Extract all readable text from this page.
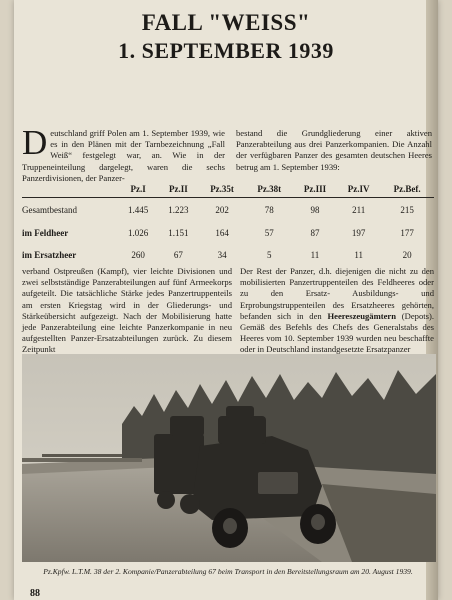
FALL "WEISS"
1. SEPTEMBER 1939
Deutschland griff Polen am 1. September 1939, wie es in den Plänen mit der Tarnbezeichnung „Fall Weiß“ festgelegt war, an. Wie in der Truppeneinteilung dargelegt, waren die sechs Panzerdivisionen, der Panzer-
bestand die Grundgliederung einer aktiven Panzerabteilung aus drei Panzerkompanien. Die Anzahl der verfügbaren Panzer des gesamten deutschen Heeres betrug am 1. September 1939:
	Pz.I	Pz.II	Pz.35t	Pz.38t	Pz.III	Pz.IV	Pz.Bef.
Gesamtbestand	1.445	1.223	202	78	98	211	215
im Feldheer	1.026	1.151	164	57	87	197	177
im Ersatzheer	260	67	34	5	11	11	20
verband Ostpreußen (Kampf), vier leichte Divisionen und zwei selbstständige Panzerabteilungen auf fünf Armeekorps aufgeteilt. Die tatsächliche Stärke jedes Panzertruppenteils am ersten Kriegstag wird in der Gliederungs- und Stärkeübersicht aufgezeigt. Nach der Mobilisierung hatte jede Panzerabteilung eine leichte Panzerkompanie in neu aufgestellten Panzer-Ersatzabteilungen zurück. Zu diesem Zeitpunkt
Der Rest der Panzer, d.h. diejenigen die nicht zu den mobilisierten Panzertruppenteilen des Feldheeres oder zu den Ersatz- Ausbildungs- und Erprobungstruppenteilen des Ersatzheeres gehörten, befanden sich in den Heereszeugämtern (Depots). Gemäß des Befehls des Chefs des Generalstabs des Heeres vom 10. September 1939 wurden neu beschaffte oder in Deutschland instandgesetzte Ersatzpanzer
Pz.Kpfw. L.T.M. 38 der 2. Kompanie/Panzerabteilung 67 beim Transport in den Bereitstellungsraum am 20. August 1939.
88
